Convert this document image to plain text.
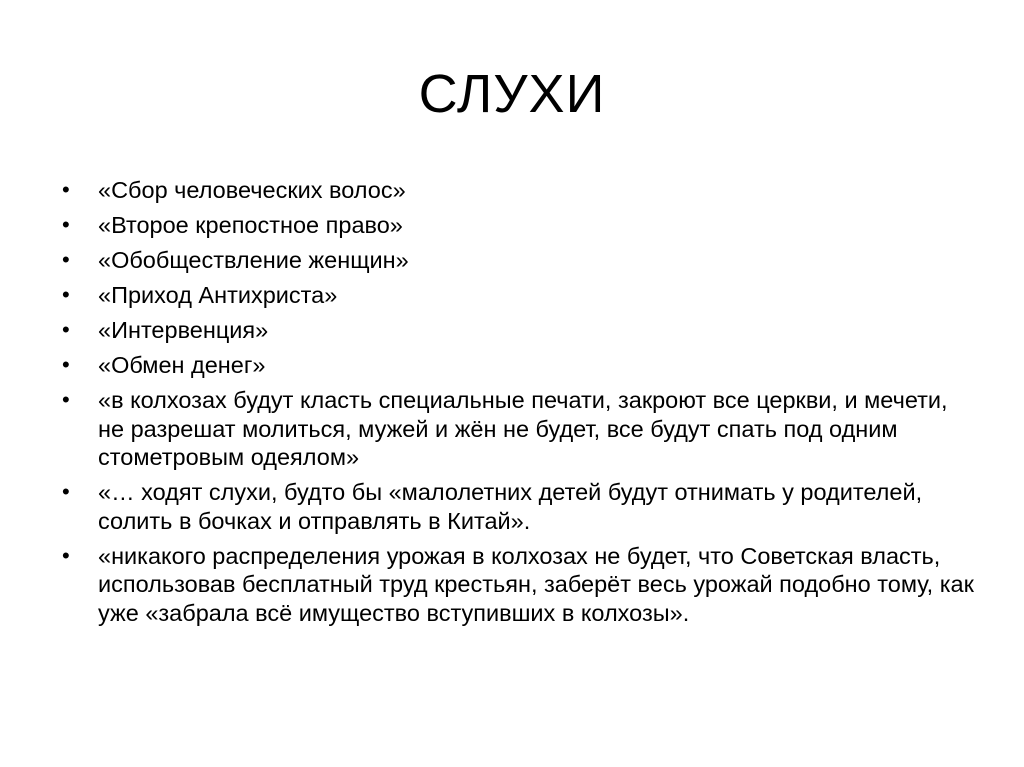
СЛУХИ
•	«Сбор человеческих волос»
•	«Второе крепостное право»
•	«Обобществление женщин»
•	«Приход Антихриста»
•	«Интервенция»
•	«Обмен денег»
•	«в колхозах будут класть специальные печати, закроют все церкви, и мечети, не разрешат молиться, мужей и жён не будет, все будут спать под одним стометровым одеялом»
•	«… ходят слухи, будто бы «малолетних детей будут отнимать у родителей, солить в бочках и отправлять в Китай».
•	«никакого распределения урожая в колхозах не будет, что Советская власть, использовав бесплатный труд крестьян, заберёт весь урожай подобно тому, как уже «забрала всё имущество вступивших в колхозы».
